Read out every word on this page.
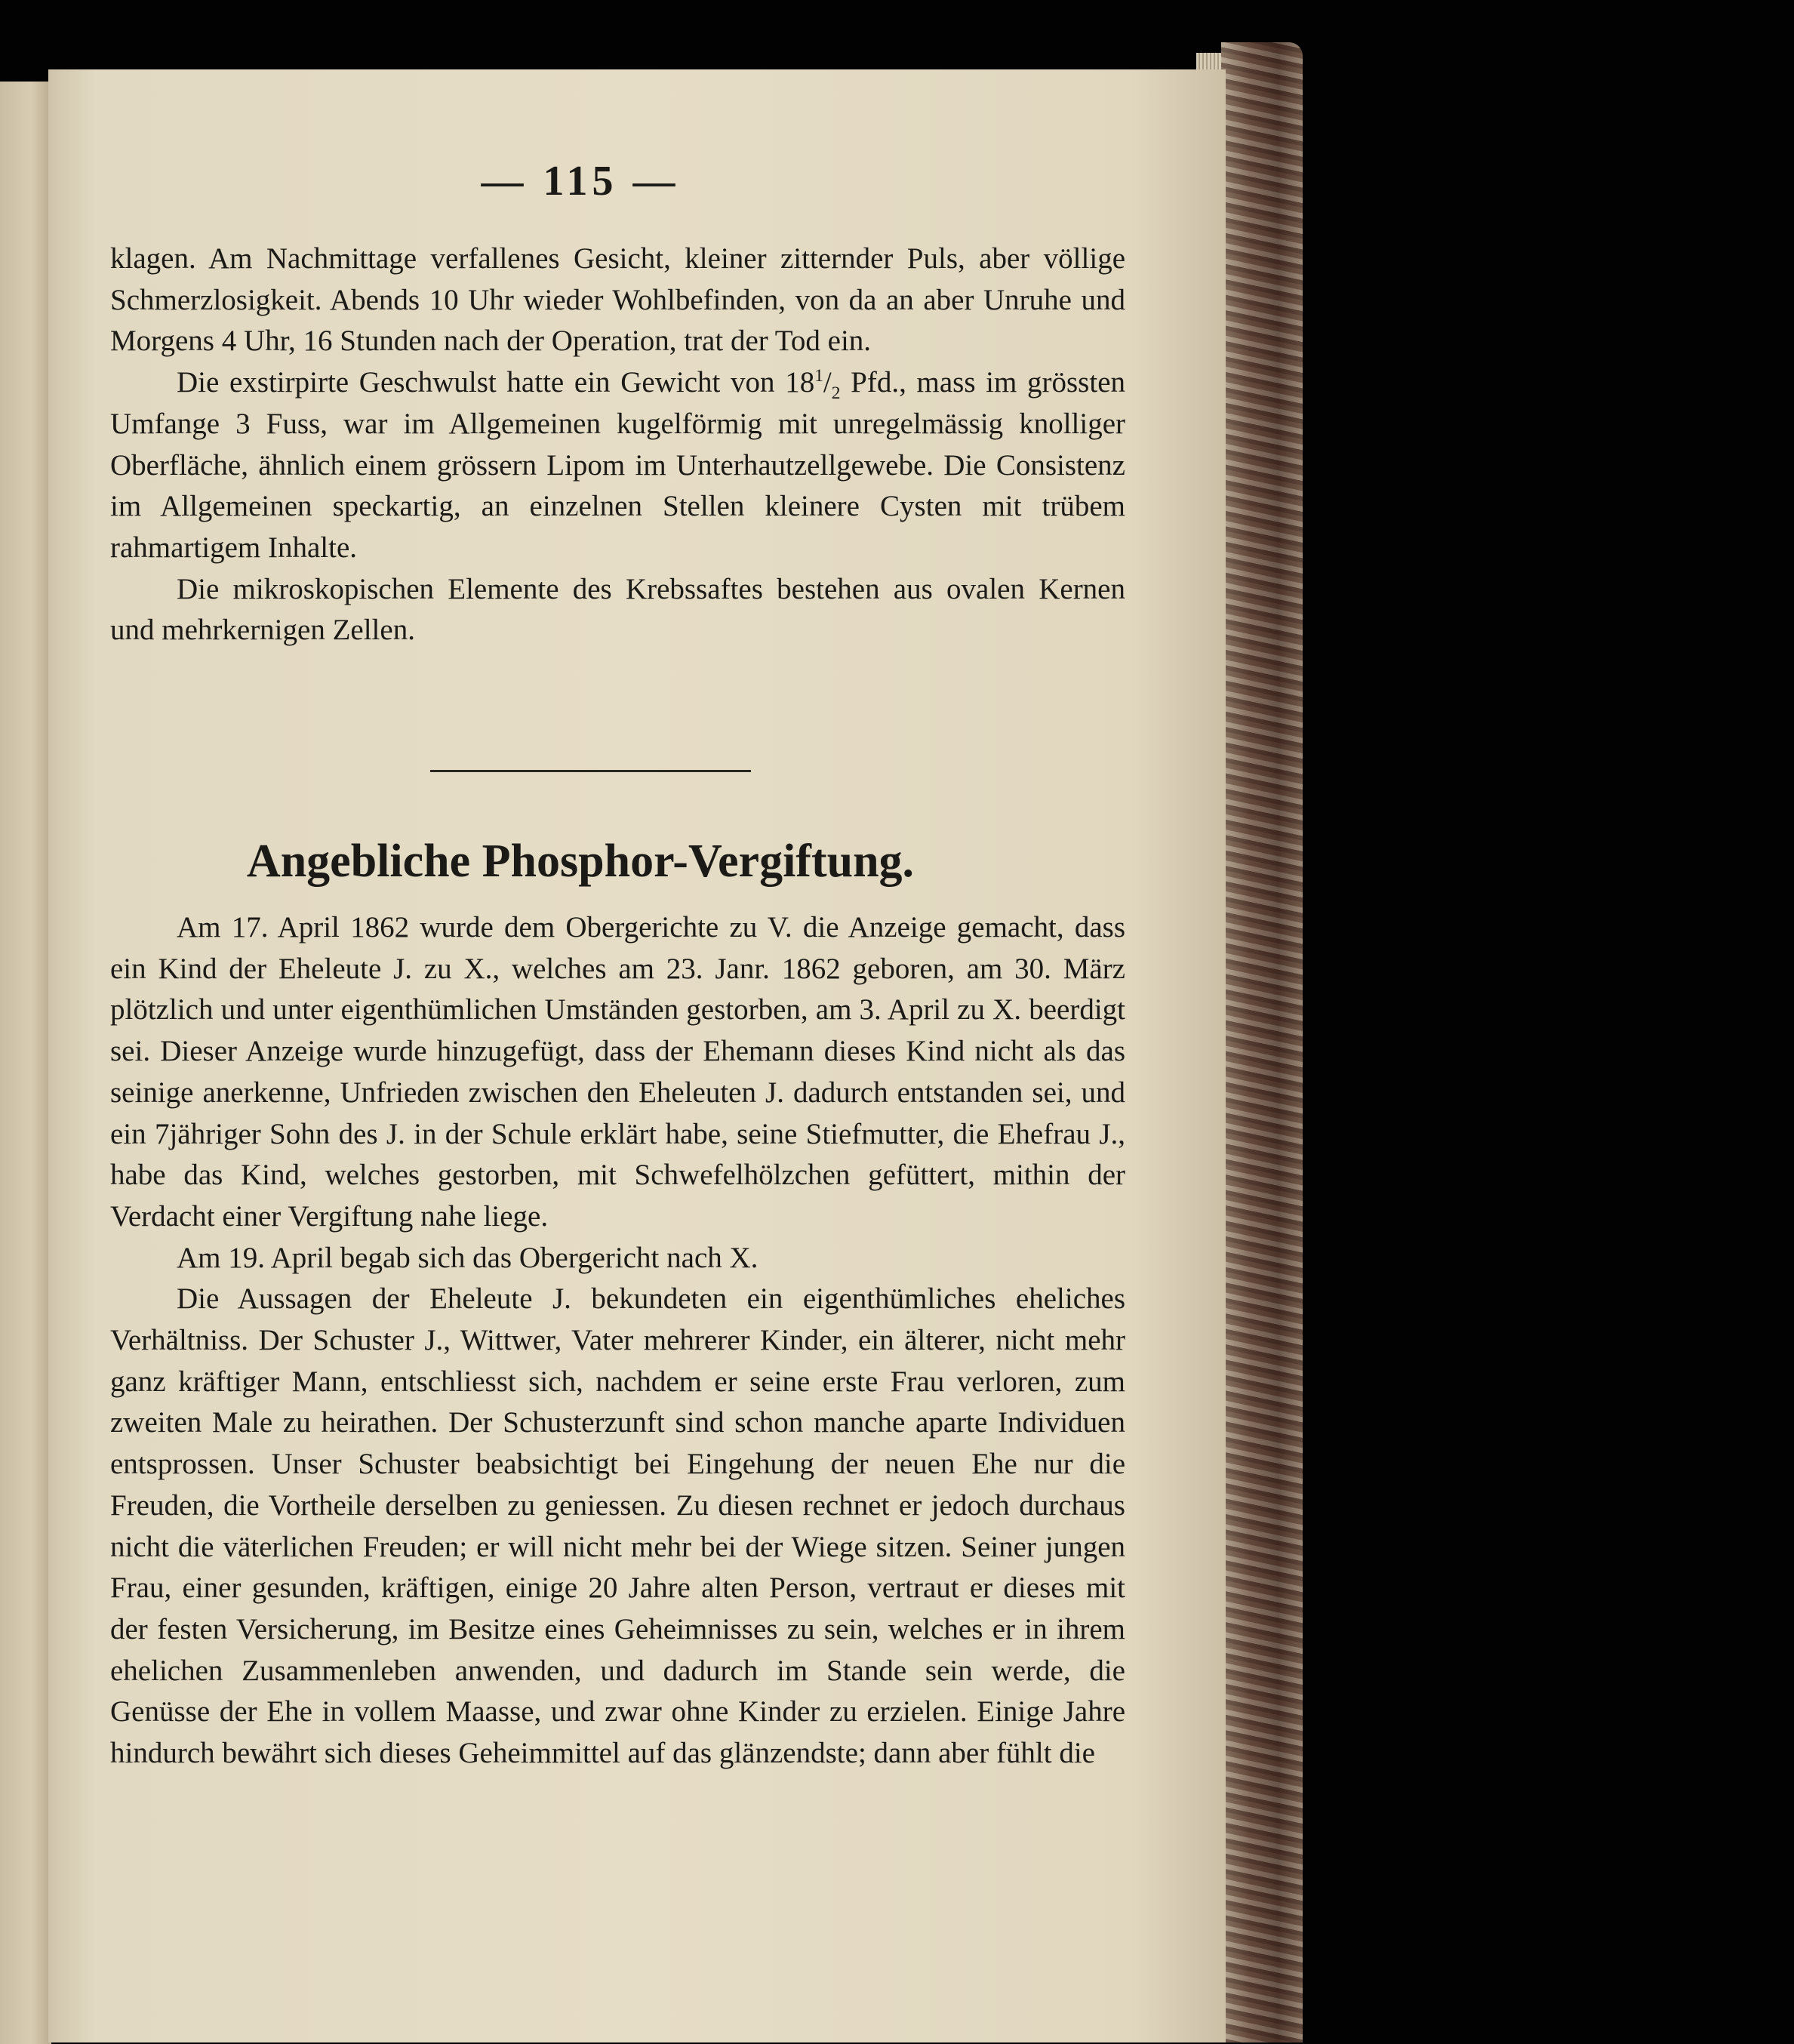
— 115 —

klagen. Am Nachmittage verfallenes Gesicht, kleiner zitternder Puls, aber völlige Schmerzlosigkeit. Abends 10 Uhr wieder Wohlbefinden, von da an aber Unruhe und Morgens 4 Uhr, 16 Stunden nach der Operation, trat der Tod ein.

Die exstirpirte Geschwulst hatte ein Gewicht von $18^1/_2$ Pfd., mass im grössten Umfange 3 Fuss, war im Allgemeinen kugelförmig mit unregelmässig knolliger Oberfläche, ähnlich einem grössern Lipom im Unterhautzellgewebe. Die Consistenz im Allgemeinen speckartig, an einzelnen Stellen kleinere Cysten mit trübem rahmartigem Inhalte.

Die mikroskopischen Elemente des Krebssaftes bestehen aus ovalen Kernen und mehrkernigen Zellen.

Angebliche Phosphor-Vergiftung.

Am 17. April 1862 wurde dem Obergerichte zu V. die Anzeige gemacht, dass ein Kind der Eheleute J. zu X., welches am 23. Janr. 1862 geboren, am 30. März plötzlich und unter eigenthümlichen Umständen gestorben, am 3. April zu X. beerdigt sei. Dieser Anzeige wurde hinzugefügt, dass der Ehemann dieses Kind nicht als das seinige anerkenne, Unfrieden zwischen den Eheleuten J. dadurch entstanden sei, und ein 7jähriger Sohn des J. in der Schule erklärt habe, seine Stiefmutter, die Ehefrau J., habe das Kind, welches gestorben, mit Schwefelhölzchen gefüttert, mithin der Verdacht einer Vergiftung nahe liege.

Am 19. April begab sich das Obergericht nach X.

Die Aussagen der Eheleute J. bekundeten ein eigenthümliches eheliches Verhältniss. Der Schuster J., Wittwer, Vater mehrerer Kinder, ein älterer, nicht mehr ganz kräftiger Mann, entschliesst sich, nachdem er seine erste Frau verloren, zum zweiten Male zu heirathen. Der Schusterzunft sind schon manche aparte Individuen entsprossen. Unser Schuster beabsichtigt bei Eingehung der neuen Ehe nur die Freuden, die Vortheile derselben zu geniessen. Zu diesen rechnet er jedoch durchaus nicht die väterlichen Freuden; er will nicht mehr bei der Wiege sitzen. Seiner jungen Frau, einer gesunden, kräftigen, einige 20 Jahre alten Person, vertraut er dieses mit der festen Versicherung, im Besitze eines Geheimnisses zu sein, welches er in ihrem ehelichen Zusammenleben anwenden, und dadurch im Stande sein werde, die Genüsse der Ehe in vollem Maasse, und zwar ohne Kinder zu erzielen. Einige Jahre hindurch bewährt sich dieses Geheimmittel auf das glänzendste; dann aber fühlt die
